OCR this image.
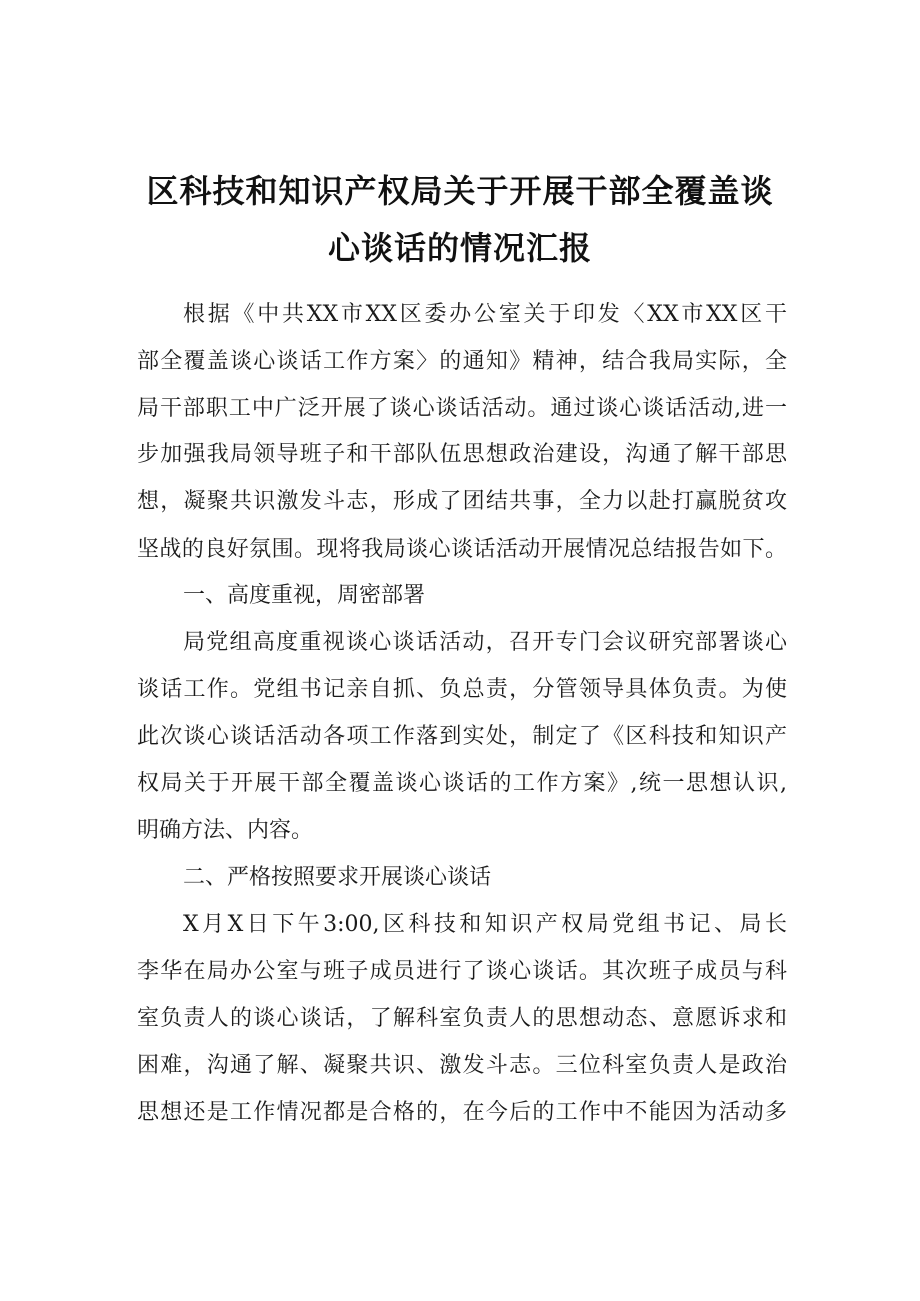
区科技和知识产权局关于开展干部全覆盖谈
心谈话的情况汇报
根据《中共XX市XX区委办公室关于印发〈XX市XX区干
部全覆盖谈心谈话工作方案〉的通知》精神，结合我局实际，全
局干部职工中广泛开展了谈心谈话活动。通过谈心谈话活动,进一
步加强我局领导班子和干部队伍思想政治建设，沟通了解干部思
想，凝聚共识激发斗志，形成了团结共事，全力以赴打赢脱贫攻
坚战的良好氛围。现将我局谈心谈话活动开展情况总结报告如下。
一、高度重视，周密部署
局党组高度重视谈心谈话活动，召开专门会议研究部署谈心
谈话工作。党组书记亲自抓、负总责，分管领导具体负责。为使
此次谈心谈话活动各项工作落到实处，制定了《区科技和知识产
权局关于开展干部全覆盖谈心谈话的工作方案》,统一思想认识,
明确方法、内容。
二、严格按照要求开展谈心谈话
X月X日下午3:00,区科技和知识产权局党组书记、局长
李华在局办公室与班子成员进行了谈心谈话。其次班子成员与科
室负责人的谈心谈话，了解科室负责人的思想动态、意愿诉求和
困难，沟通了解、凝聚共识、激发斗志。三位科室负责人是政治
思想还是工作情况都是合格的，在今后的工作中不能因为活动多
